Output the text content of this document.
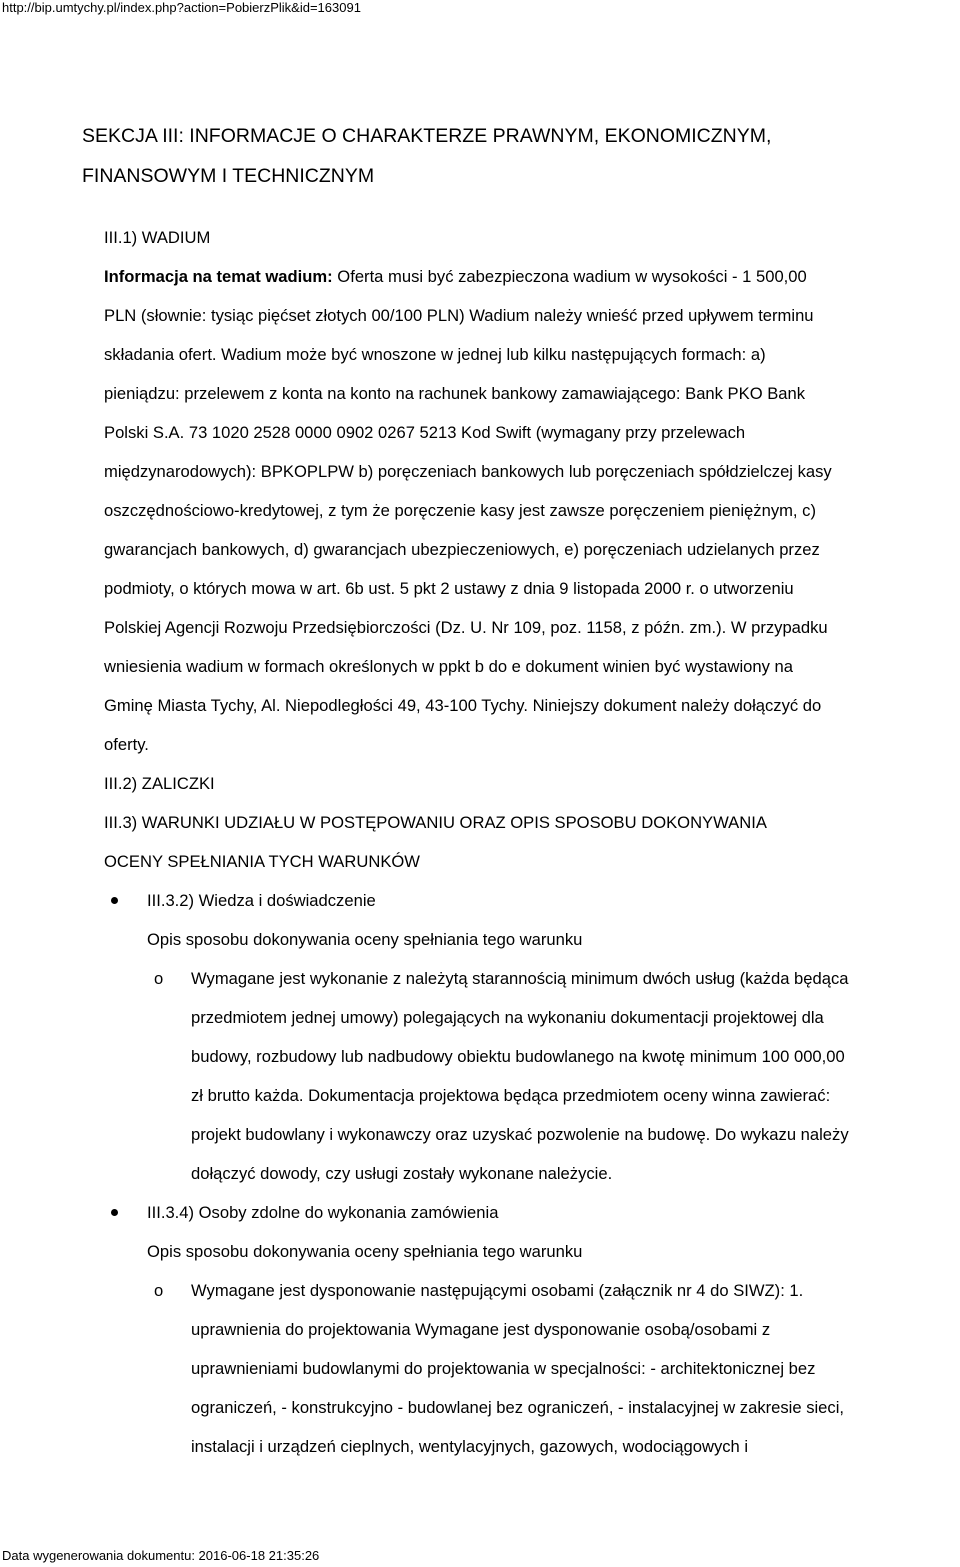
http://bip.umtychy.pl/index.php?action=PobierzPlik&id=163091
SEKCJA III: INFORMACJE O CHARAKTERZE PRAWNYM, EKONOMICZNYM,
FINANSOWYM I TECHNICZNYM
III.1) WADIUM
Informacja na temat wadium: Oferta musi być zabezpieczona wadium w wysokości - 1 500,00
PLN (słownie: tysiąc pięćset złotych 00/100 PLN) Wadium należy wnieść przed upływem terminu
składania ofert. Wadium może być wnoszone w jednej lub kilku następujących formach: a)
pieniądzu: przelewem z konta na konto na rachunek bankowy zamawiającego: Bank PKO Bank
Polski S.A. 73 1020 2528 0000 0902 0267 5213 Kod Swift (wymagany przy przelewach
międzynarodowych): BPKOPLPW b) poręczeniach bankowych lub poręczeniach spółdzielczej kasy
oszczędnościowo-kredytowej, z tym że poręczenie kasy jest zawsze poręczeniem pieniężnym, c)
gwarancjach bankowych, d) gwarancjach ubezpieczeniowych, e) poręczeniach udzielanych przez
podmioty, o których mowa w art. 6b ust. 5 pkt 2 ustawy z dnia 9 listopada 2000 r. o utworzeniu
Polskiej Agencji Rozwoju Przedsiębiorczości (Dz. U. Nr 109, poz. 1158, z późn. zm.). W przypadku
wniesienia wadium w formach określonych w ppkt b do e dokument winien być wystawiony na
Gminę Miasta Tychy, Al. Niepodległości 49, 43-100 Tychy. Niniejszy dokument należy dołączyć do
oferty.
III.2) ZALICZKI
III.3) WARUNKI UDZIAŁU W POSTĘPOWANIU ORAZ OPIS SPOSOBU DOKONYWANIA
OCENY SPEŁNIANIA TYCH WARUNKÓW
III.3.2) Wiedza i doświadczenie
Opis sposobu dokonywania oceny spełniania tego warunku
o Wymagane jest wykonanie z należytą starannością minimum dwóch usług (każda będąca
przedmiotem jednej umowy) polegających na wykonaniu dokumentacji projektowej dla
budowy, rozbudowy lub nadbudowy obiektu budowlanego na kwotę minimum 100 000,00
zł brutto każda. Dokumentacja projektowa będąca przedmiotem oceny winna zawierać:
projekt budowlany i wykonawczy oraz uzyskać pozwolenie na budowę. Do wykazu należy
dołączyć dowody, czy usługi zostały wykonane należycie.
III.3.4) Osoby zdolne do wykonania zamówienia
Opis sposobu dokonywania oceny spełniania tego warunku
o Wymagane jest dysponowanie następującymi osobami (załącznik nr 4 do SIWZ): 1.
uprawnienia do projektowania Wymagane jest dysponowanie osobą/osobami z
uprawnieniami budowlanymi do projektowania w specjalności: - architektonicznej bez
ograniczeń, - konstrukcyjno - budowlanej bez ograniczeń, - instalacyjnej w zakresie sieci,
instalacji i urządzeń cieplnych, wentylacyjnych, gazowych, wodociągowych i
Data wygenerowania dokumentu: 2016-06-18 21:35:26
